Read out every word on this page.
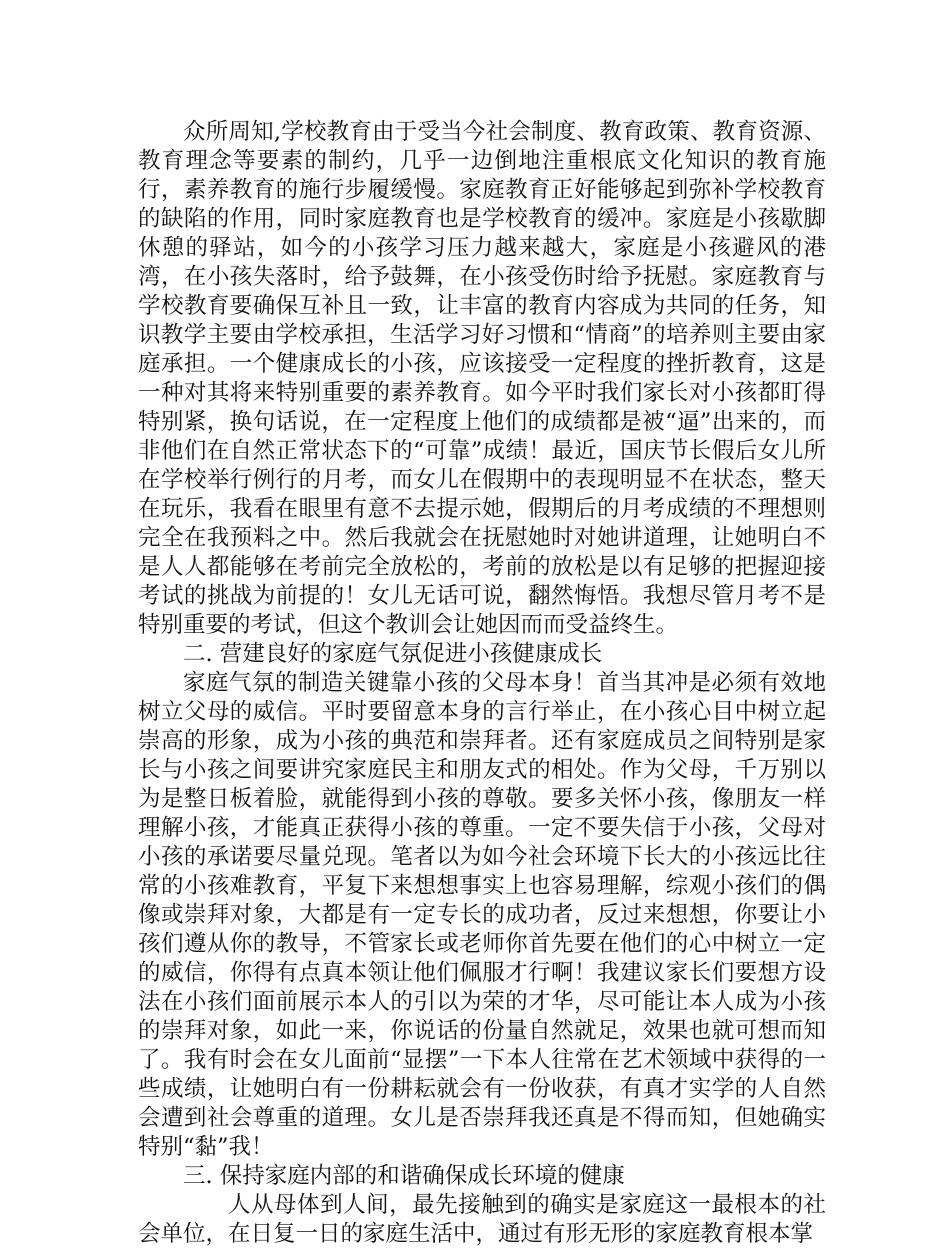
众所周知,学校教育由于受当今社会制度、教育政策、教育资源、教育理念等要素的制约，几乎一边倒地注重根底文化知识的教育施行，素养教育的施行步履缓慢。家庭教育正好能够起到弥补学校教育的缺陷的作用，同时家庭教育也是学校教育的缓冲。家庭是小孩歇脚休憩的驿站，如今的小孩学习压力越来越大，家庭是小孩避风的港湾，在小孩失落时，给予鼓舞，在小孩受伤时给予抚慰。家庭教育与学校教育要确保互补且一致，让丰富的教育内容成为共同的任务，知识教学主要由学校承担，生活学习好习惯和“情商”的培养则主要由家庭承担。一个健康成长的小孩，应该接受一定程度的挫折教育，这是一种对其将来特别重要的素养教育。如今平时我们家长对小孩都盯得特别紧，换句话说，在一定程度上他们的成绩都是被“逼”出来的，而非他们在自然正常状态下的“可靠”成绩！最近，国庆节长假后女儿所在学校举行例行的月考，而女儿在假期中的表现明显不在状态，整天在玩乐，我看在眼里有意不去提示她，假期后的月考成绩的不理想则完全在我预料之中。然后我就会在抚慰她时对她讲道理，让她明白不是人人都能够在考前完全放松的，考前的放松是以有足够的把握迎接考试的挑战为前提的！女儿无话可说，翻然悔悟。我想尽管月考不是特别重要的考试，但这个教训会让她因而而受益终生。

二. 营建良好的家庭气氛促进小孩健康成长

家庭气氛的制造关键靠小孩的父母本身！首当其冲是必须有效地树立父母的威信。平时要留意本身的言行举止，在小孩心目中树立起崇高的形象，成为小孩的典范和崇拜者。还有家庭成员之间特别是家长与小孩之间要讲究家庭民主和朋友式的相处。作为父母，千万别以为是整日板着脸，就能得到小孩的尊敬。要多关怀小孩，像朋友一样理解小孩，才能真正获得小孩的尊重。一定不要失信于小孩，父母对小孩的承诺要尽量兑现。笔者以为如今社会环境下长大的小孩远比往常的小孩难教育，平复下来想想事实上也容易理解，综观小孩们的偶像或崇拜对象，大都是有一定专长的成功者，反过来想想，你要让小孩们遵从你的教导，不管家长或老师你首先要在他们的心中树立一定的威信，你得有点真本领让他们佩服才行啊！我建议家长们要想方设法在小孩们面前展示本人的引以为荣的才华，尽可能让本人成为小孩的崇拜对象，如此一来，你说话的份量自然就足，效果也就可想而知了。我有时会在女儿面前“显摆”一下本人往常在艺术领域中获得的一些成绩，让她明白有一份耕耘就会有一份收获，有真才实学的人自然会遭到社会尊重的道理。女儿是否崇拜我还真是不得而知，但她确实特别“黏”我！

三. 保持家庭内部的和谐确保成长环境的健康

人从母体到人间，最先接触到的确实是家庭这一最根本的社会单位，在日复一日的家庭生活中，通过有形无形的家庭教育根本掌
